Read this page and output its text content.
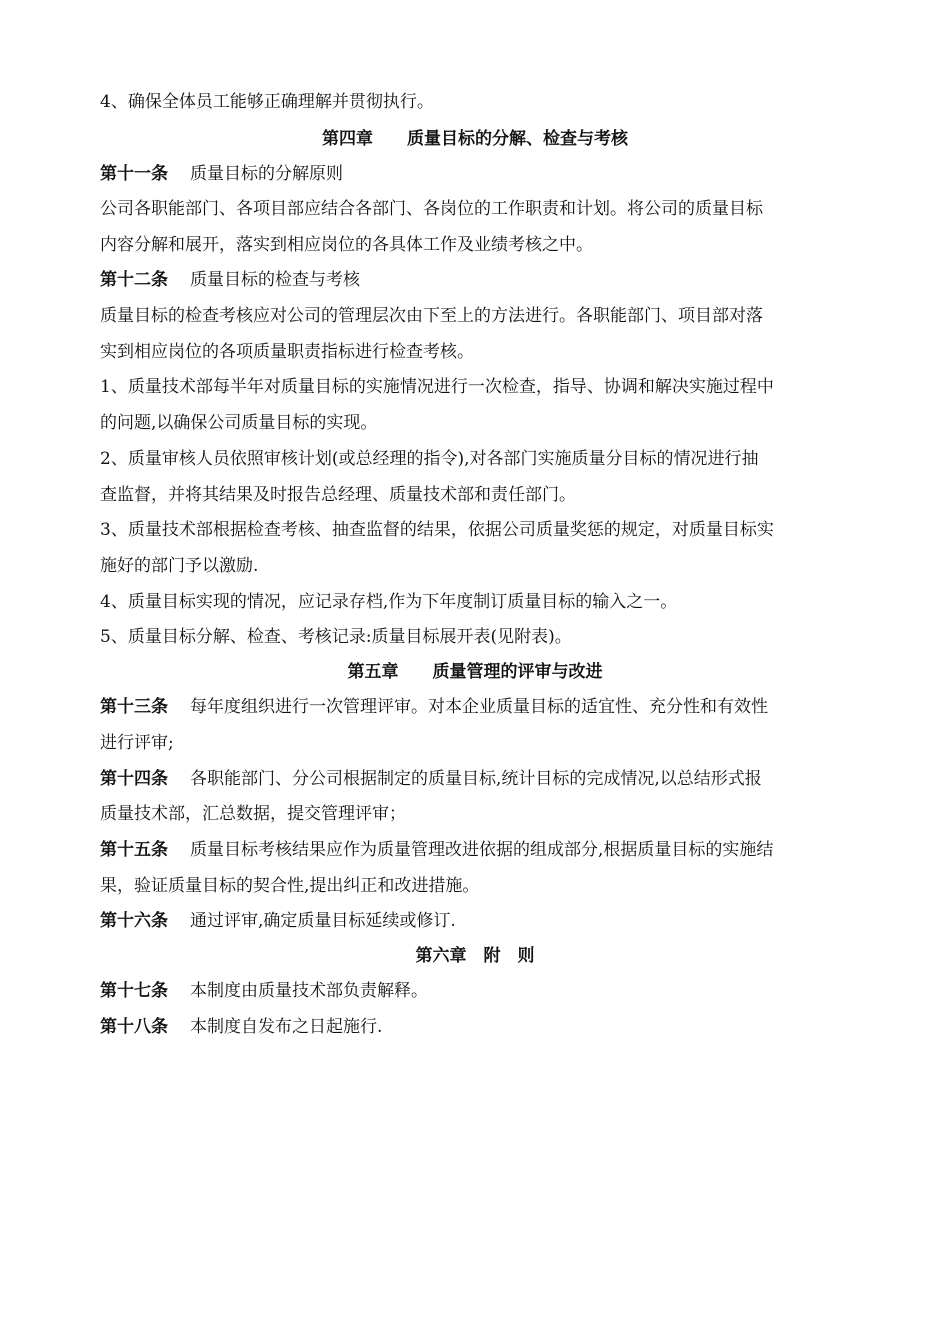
4、确保全体员工能够正确理解并贯彻执行。
第四章　　质量目标的分解、检查与考核
第十一条 质量目标的分解原则
公司各职能部门、各项目部应结合各部门、各岗位的工作职责和计划。将公司的质量目标
内容分解和展开，落实到相应岗位的各具体工作及业绩考核之中。
第十二条 质量目标的检查与考核
质量目标的检查考核应对公司的管理层次由下至上的方法进行。各职能部门、项目部对落
实到相应岗位的各项质量职责指标进行检查考核。
1、质量技术部每半年对质量目标的实施情况进行一次检查，指导、协调和解决实施过程中
的问题,以确保公司质量目标的实现。
2、质量审核人员依照审核计划(或总经理的指令),对各部门实施质量分目标的情况进行抽
查监督，并将其结果及时报告总经理、质量技术部和责任部门。
3、质量技术部根据检查考核、抽查监督的结果，依据公司质量奖惩的规定，对质量目标实
施好的部门予以激励.
4、质量目标实现的情况，应记录存档,作为下年度制订质量目标的输入之一。
5、质量目标分解、检查、考核记录:质量目标展开表(见附表)。
第五章　　质量管理的评审与改进
第十三条 每年度组织进行一次管理评审。对本企业质量目标的适宜性、充分性和有效性
进行评审;
第十四条 各职能部门、分公司根据制定的质量目标,统计目标的完成情况,以总结形式报
质量技术部，汇总数据，提交管理评审；
第十五条 质量目标考核结果应作为质量管理改进依据的组成部分,根据质量目标的实施结
果，验证质量目标的契合性,提出纠正和改进措施。
第十六条 通过评审,确定质量目标延续或修订.
第六章　附　则
第十七条 本制度由质量技术部负责解释。
第十八条 本制度自发布之日起施行.
